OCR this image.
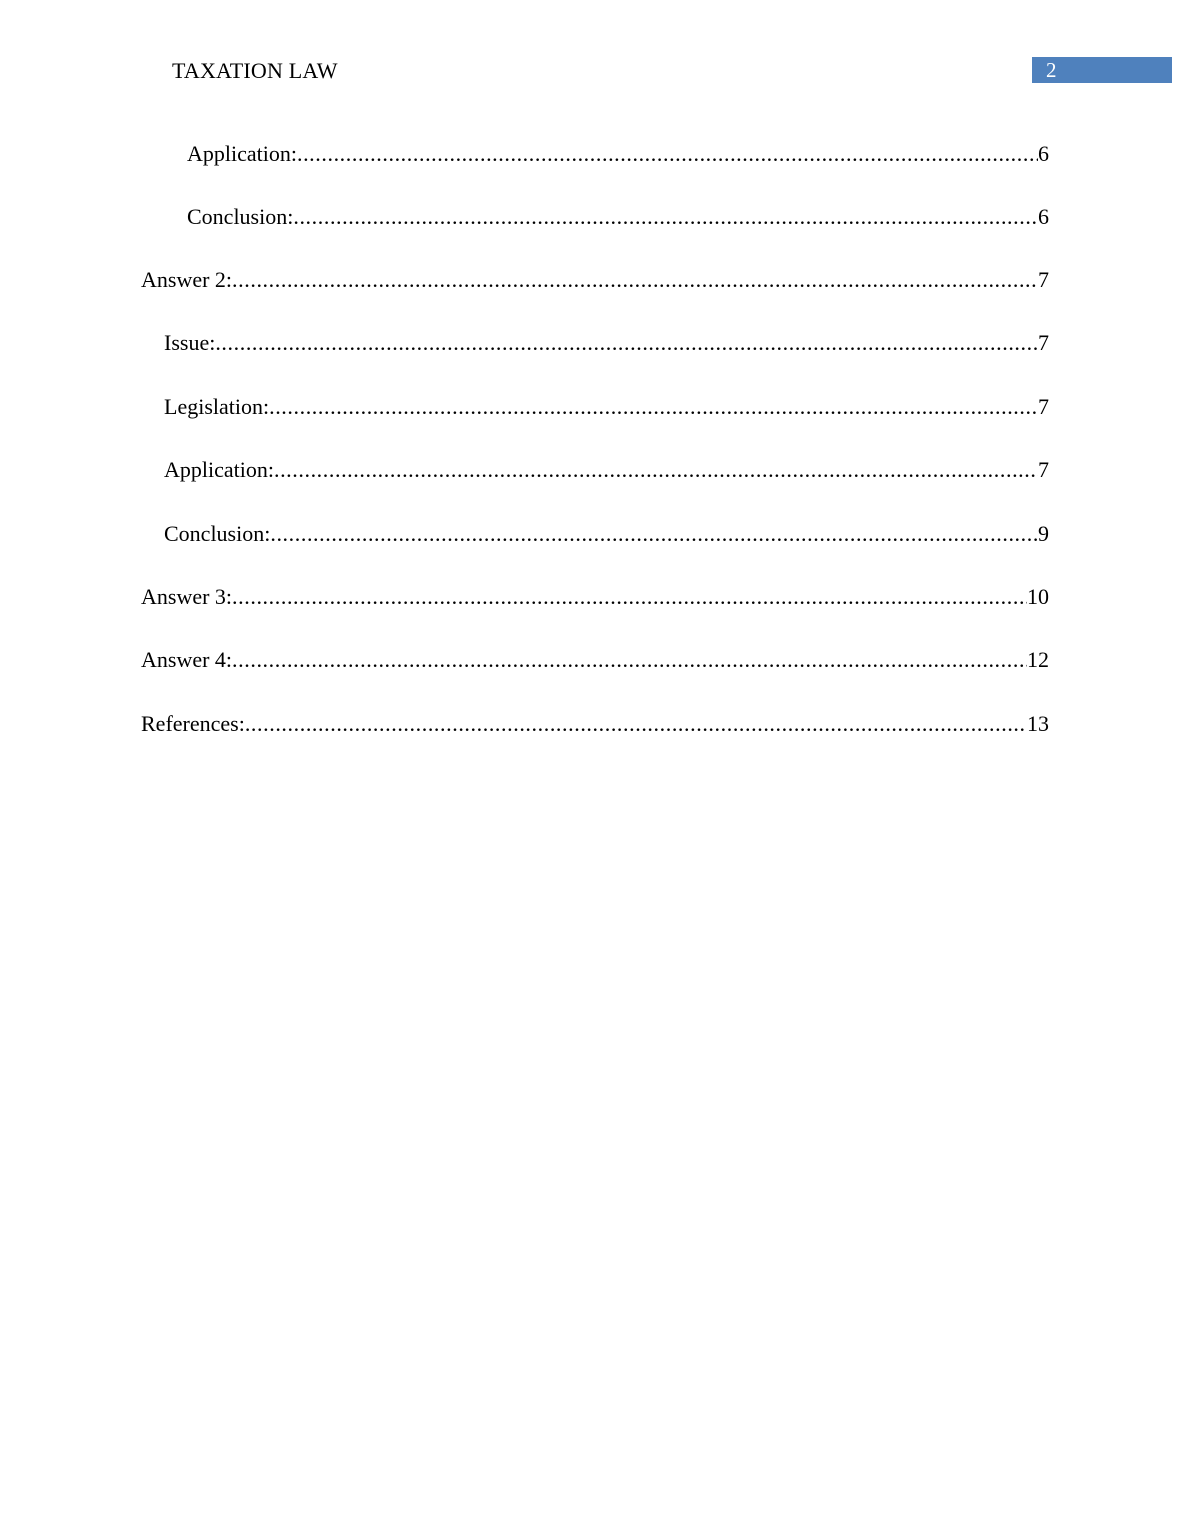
TAXATION LAW	2
Application: .....	6
Conclusion: .....	6
Answer 2: .....	7
Issue: .....	7
Legislation: .....	7
Application: .....	7
Conclusion: .....	9
Answer 3: .....	10
Answer 4: .....	12
References: .....	13
